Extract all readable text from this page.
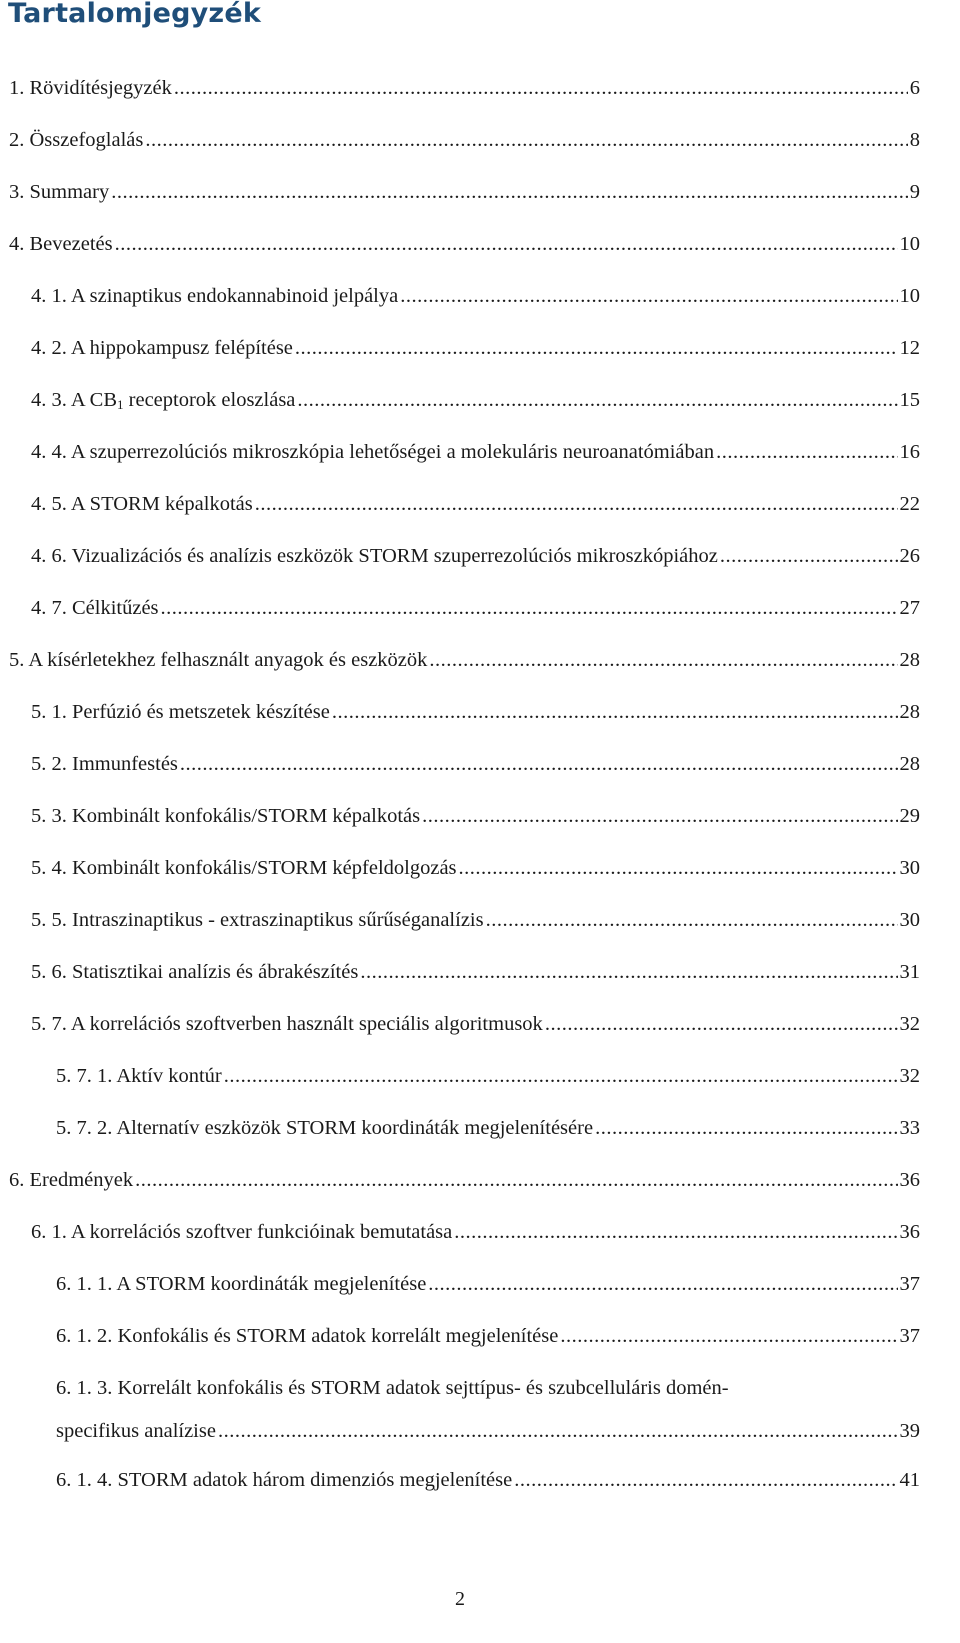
Tartalomjegyzék
1. Rövidítésjegyzék .....	6
2. Összefoglalás .....	8
3. Summary .....	9
4. Bevezetés .....	10
4. 1. A szinaptikus endokannabinoid jelpálya .....	10
4. 2. A hippokampusz felépítése .....	12
4. 3. A $CB_1$ receptorok eloszlása .....	15
4. 4. A szuperrezolúciós mikroszkópia lehetőségei a molekuláris neuroanatómiában .....	16
4. 5. A STORM képalkotás .....	22
4. 6. Vizualizációs és analízis eszközök STORM szuperrezolúciós mikroszkópiához .....	26
4. 7. Célkitűzés .....	27
5. A kísérletekhez felhasznált anyagok és eszközök .....	28
5. 1. Perfúzió és metszetek készítése .....	28
5. 2. Immunfestés .....	28
5. 3. Kombinált konfokális/STORM képalkotás .....	29
5. 4. Kombinált konfokális/STORM képfeldolgozás .....	30
5. 5. Intraszinaptikus - extraszinaptikus sűrűséganalízis .....	30
5. 6. Statisztikai analízis és ábrakészítés .....	31
5. 7. A korrelációs szoftverben használt speciális algoritmusok .....	32
5. 7. 1. Aktív kontúr .....	32
5. 7. 2. Alternatív eszközök STORM koordináták megjelenítésére .....	33
6. Eredmények .....	36
6. 1. A korrelációs szoftver funkcióinak bemutatása .....	36
6. 1. 1. A STORM koordináták megjelenítése .....	37
6. 1. 2. Konfokális és STORM adatok korrelált megjelenítése .....	37
6. 1. 3. Korrelált konfokális és STORM adatok sejttípus- és szubcelluláris domén-
specifikus analízise .....	39
6. 1. 4. STORM adatok három dimenziós megjelenítése .....	41
2
